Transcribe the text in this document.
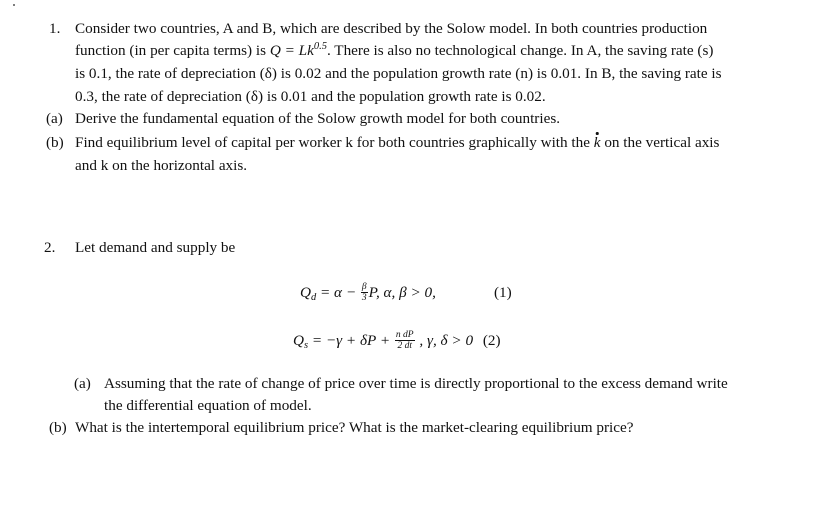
1. Consider two countries, A and B, which are described by the Solow model. In both countries production
function (in per capita terms) is $Q = Lk^{0.5}$. There is also no technological change. In A, the saving rate (s)
is 0.1, the rate of depreciation (δ) is 0.02 and the population growth rate (n) is 0.01. In B, the saving rate is
0.3, the rate of depreciation (δ) is 0.01 and the population growth rate is 0.02.
(a) Derive the fundamental equation of the Solow growth model for both countries.
(b) Find equilibrium level of capital per worker k for both countries graphically with the k on the vertical axis
and k on the horizontal axis.
2. Let demand and supply be
$Q_d = \alpha - \frac{\beta}{3} P$, α, β > 0,	(1)
$Q_s = -\gamma + \delta P + \frac{\text{n dP}}{2 dt}$ , γ, δ > 0 (2)
(a) Assuming that the rate of change of price over time is directly proportional to the excess demand write
the differential equation of model.
(b) What is the intertemporal equilibrium price? What is the market-clearing equilibrium price?
